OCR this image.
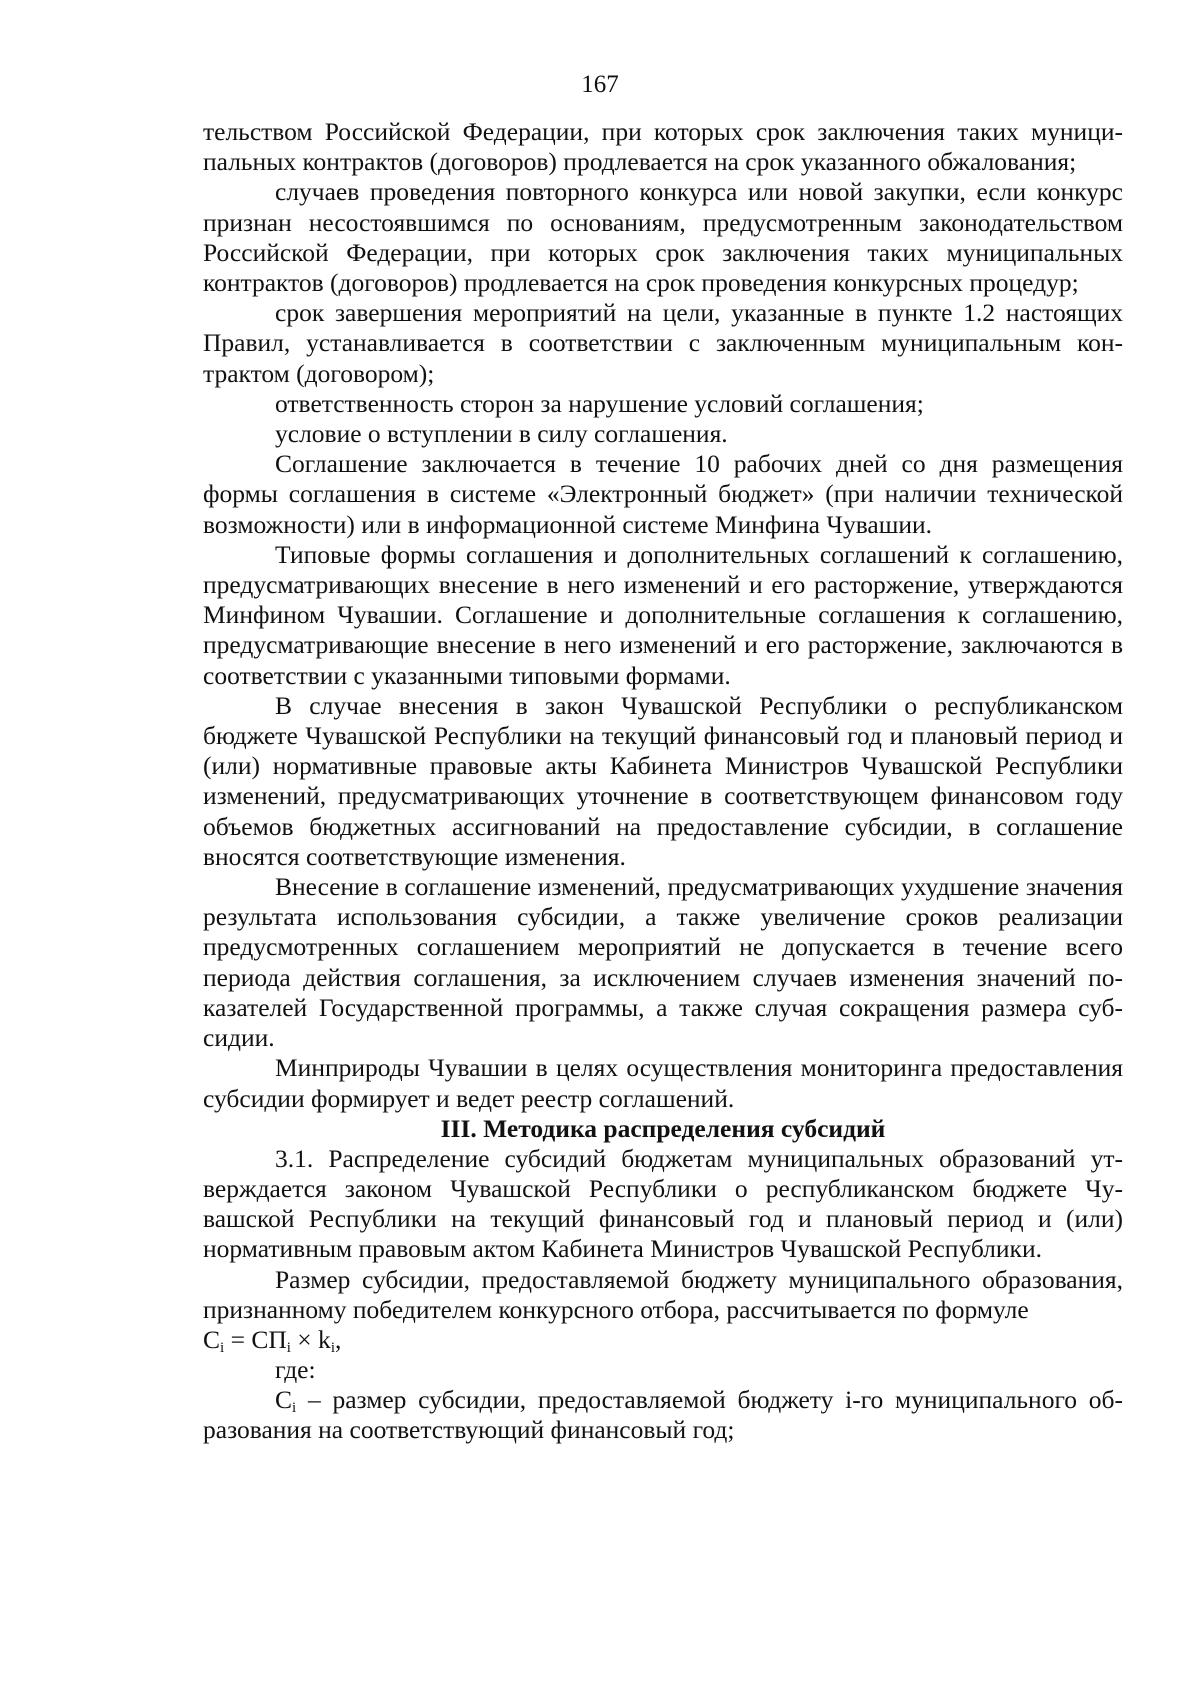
167

тельством Российской Федерации, при которых срок заключения таких муниципальных контрактов (договоров) продлевается на срок указанного обжалования;

случаев проведения повторного конкурса или новой закупки, если конкурс признан несостоявшимся по основаниям, предусмотренным законодательством Российской Федерации, при которых срок заключения таких муниципальных контрактов (договоров) продлевается на срок проведения конкурсных процедур;

срок завершения мероприятий на цели, указанные в пункте 1.2 настоящих Правил, устанавливается в соответствии с заключенным муниципальным контрактом (договором);

ответственность сторон за нарушение условий соглашения;

условие о вступлении в силу соглашения.

Соглашение заключается в течение 10 рабочих дней со дня размещения формы соглашения в системе «Электронный бюджет» (при наличии технической возможности) или в информационной системе Минфина Чувашии.

Типовые формы соглашения и дополнительных соглашений к соглашению, предусматривающих внесение в него изменений и его расторжение, утверждаются Минфином Чувашии. Соглашение и дополнительные соглашения к соглашению, предусматривающие внесение в него изменений и его расторжение, заключаются в соответствии с указанными типовыми формами.

В случае внесения в закон Чувашской Республики о республиканском бюджете Чувашской Республики на текущий финансовый год и плановый период и (или) нормативные правовые акты Кабинета Министров Чувашской Республики изменений, предусматривающих уточнение в соответствующем финансовом году объемов бюджетных ассигнований на предоставление субсидии, в соглашение вносятся соответствующие изменения.

Внесение в соглашение изменений, предусматривающих ухудшение значения результата использования субсидии, а также увеличение сроков реализации предусмотренных соглашением мероприятий не допускается в течение всего периода действия соглашения, за исключением случаев изменения значений показателей Государственной программы, а также случая сокращения размера субсидии.

Минприроды Чувашии в целях осуществления мониторинга предоставления субсидии формирует и ведет реестр соглашений.

III. Методика распределения субсидий

3.1. Распределение субсидий бюджетам муниципальных образований утверждается законом Чувашской Республики о республиканском бюджете Чувашской Республики на текущий финансовый год и плановый период и (или) нормативным правовым актом Кабинета Министров Чувашской Республики.

Размер субсидии, предоставляемой бюджету муниципального образования, признанному победителем конкурсного отбора, рассчитывается по формуле

$C_i = СП_i \times k_i$,

где:

$C_i$ – размер субсидии, предоставляемой бюджету i-го муниципального образования на соответствующий финансовый год;
